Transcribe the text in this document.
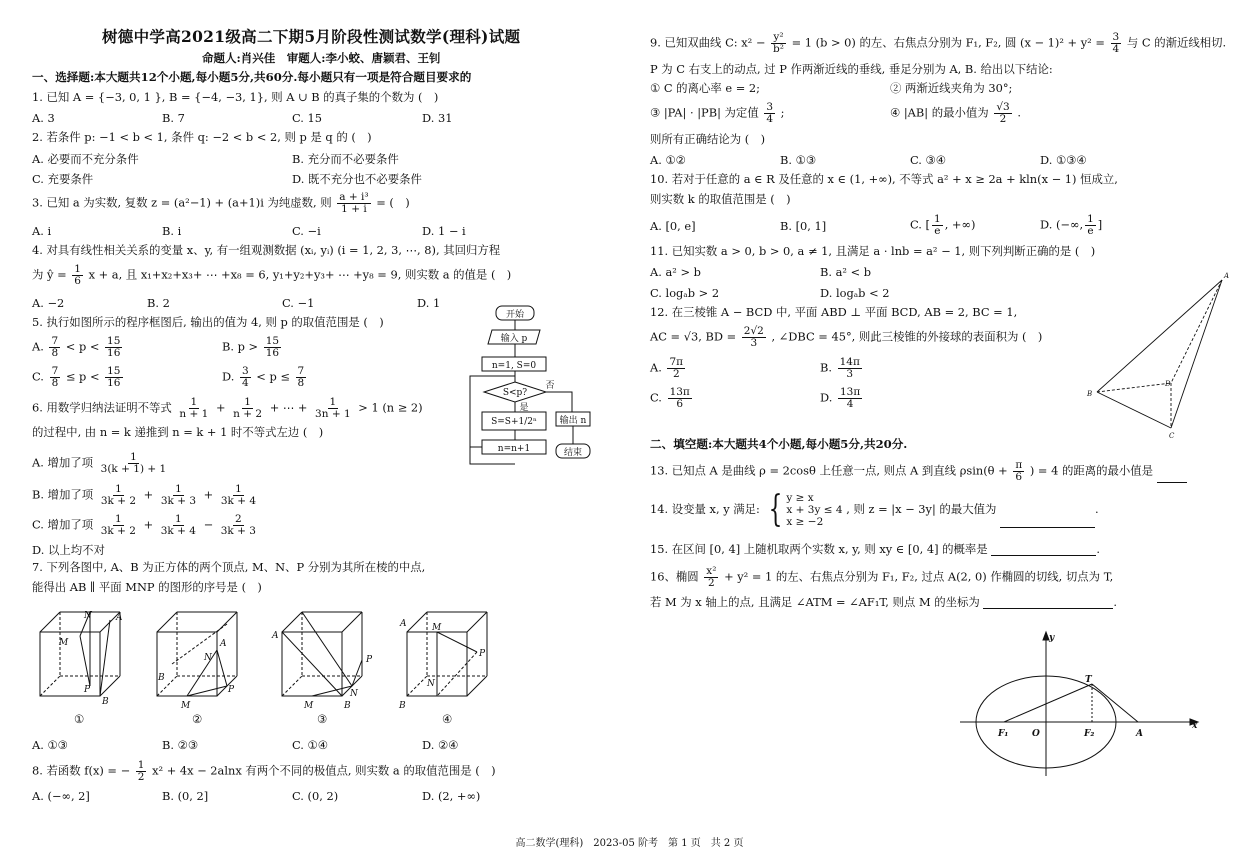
树德中学高2021级高二下期5月阶段性测试数学(理科)试题
命题人:肖兴佳　审题人:李小蛟、唐颖君、王钊
一、选择题:本大题共12个小题,每小题5分,共60分.每小题只有一项是符合题目要求的
1. 已知 A = {−3, 0, 1 }, B = {−4, −3, 1}, 则 A ∪ B 的真子集的个数为 (　)
A. 3	B. 7	C. 15	D. 31
2. 若条件 p: −1 < b < 1, 条件 q: −2 < b < 2, 则 p 是 q 的 (　)
A. 必要而不充分条件	B. 充分而不必要条件
C. 充要条件	D. 既不充分也不必要条件
3. 已知 a 为实数, 复数 z = (a²−1) + (a+1)i 为纯虚数, 则 $\frac{\text{a + i³}}{1 + i}$ = (　)
A. i	B. i	C. −i	D. 1 − i
4. 对具有线性相关关系的变量 x、y, 有一组观测数据 (xᵢ, yᵢ) (i = 1, 2, 3, ⋯, 8), 其回归方程
为 ŷ = $\frac{1}{6}$ x + a, 且 x₁+x₂+x₃+ ⋯ +x₈ = 6, y₁+y₂+y₃+ ⋯ +y₈ = 9, 则实数 a 的值是 (　)
A. −2	B. 2	C. −1	D. 1
5. 执行如图所示的程序框图后, 输出的值为 4, 则 p 的取值范围是 (　)
A. $\frac{7}{8} < p < \frac{15}{16}$	B. $p > \frac{15}{16}$
C. $\frac{7}{8} \le p < \frac{15}{16}$	D. $\frac{3}{4} < p \le \frac{7}{8}$
6. 用数学归纳法证明不等式 $\frac{1}{n + 1} + \frac{1}{n + 2}$ + ⋯ + $\frac{1}{3n + 1} > 1$ (n ≥ 2)
的过程中, 由 n = k 递推到 n = k + 1 时不等式左边 (　)
A. 增加了项 $\frac{1}{3(k + 1) + 1}$
B. 增加了项 $\frac{1}{3k + 2} + \frac{1}{3k + 3} + \frac{1}{3k + 4}$
C. 增加了项 $\frac{1}{3k + 2} + \frac{1}{3k + 4} - \frac{2}{3k + 3}$
D. 以上均不对
7. 下列各图中, A、B 为正方体的两个顶点, M、N、P 分别为其所在棱的中点,
能得出 AB ∥ 平面 MNP 的图形的序号是 (　)
N	A
M
P
B
A
N
B
P
M
A
P
N
M	B
M
A
P
N
B
①	②	③	④
A. ①③	B. ②③	C. ①④	D. ②④
8. 若函数 f(x) = − $\frac{1}{2} x^2 + 4x - 2alnx$ 有两个不同的极值点, 则实数 a 的取值范围是 (　)
A. (−∞, 2]	B. (0, 2]	C. (0, 2)	D. (2, +∞)
开始
输入 p
n=1, S=0
S<p?
否
是
S=S+1/2ⁿ
n=n+1
输出 n
结束
9. 已知双曲线 C: $x^2 - \frac{\text{y²}}{\text{b²}} = 1$ (b > 0) 的左、右焦点分别为 F₁, F₂, 圆 $(x - 1)^2 + y^2 = \frac{3}{4}$ 与 C 的渐近线相切.
P 为 C 右支上的动点, 过 P 作两渐近线的垂线, 垂足分别为 A, B. 给出以下结论:
① C 的离心率 e = 2;	② 两渐近线夹角为 30°;
③ |PA| · |PB| 为定值 $\frac{3}{4}$ ;	④ |AB| 的最小值为 $\frac{√3}{2}$ .
则所有正确结论为 (　)
A. ①②	B. ①③	C. ③④	D. ①③④
10. 若对于任意的 a ∈ R 及任意的 x ∈ (1, +∞), 不等式 a² + x ≥ 2a + kln(x − 1) 恒成立,
则实数 k 的取值范围是 (　)
A. [0, e]	B. [0, 1]	C. [ $\frac{1}{e}$ , +∞)	D. (−∞, $\frac{1}{e}$ ]
11. 已知实数 a > 0, b > 0, a ≠ 1, 且满足 a · lnb = a² − 1, 则下列判断正确的是 (　)
A. a² > b	B. a² < b
C. logₐb > 2	D. logₐb < 2
12. 在三棱锥 A − BCD 中, 平面 ABD ⊥ 平面 BCD, AB = 2, BC = 1,
AC = √3, BD = $\frac{2√2}{3}$ , ∠DBC = 45°, 则此三棱锥的外接球的表面积为 (　)
A. $\frac{7\pi}{2}$	B. $\frac{14\pi}{3}$
C. $\frac{13\pi}{6}$	D. $\frac{13\pi}{4}$
二、填空题:本大题共4个小题,每小题5分,共20分.
13. 已知点 A 是曲线 ρ = 2cosθ 上任意一点, 则点 A 到直线 $\rho\sin(\theta + \frac{\pi}{6}$ ) = 4 的距离的最小值是
14. 设变量 x, y 满足: { y ≥ x
x + 3y ≤ 4
x ≥ −2
, 则 z = |x − 3y| 的最大值为	.
15. 在区间 [0, 4] 上随机取两个实数 x, y, 则 xy ∈ [0, 4] 的概率是	.
16、椭圆 $\frac{\text{x²}}{2} + y^2 = 1$ 的左、右焦点分别为 F₁, F₂, 过点 A(2, 0) 作椭圆的切线, 切点为 T,
若 M 为 x 轴上的点, 且满足 ∠ATM = ∠AF₁T, 则点 M 的坐标为	.
A
B
C
D
y
x
T
F₁	O	F₂	A
高二数学(理科)　2023-05 阶考　第 1 页　共 2 页
